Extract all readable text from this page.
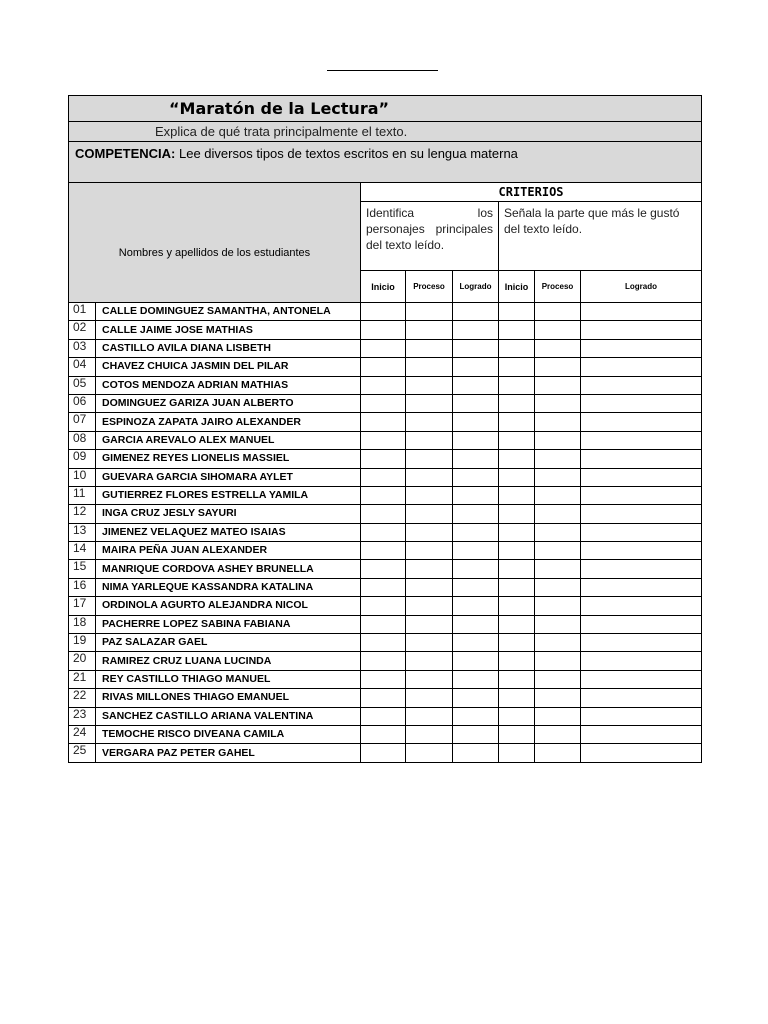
“Maratón de la Lectura”							
Explica de qué trata principalmente el texto.							
COMPETENCIA: Lee diversos tipos de textos escritos en su lengua materna							
Nombres y apellidos de los estudiantes		CRITERIOS					
		Identifica los personajes principales del texto leído.			Señala la parte que más le gustó del texto leído.		
		Inicio	Proceso	Logrado	Inicio	Proceso	Logrado
01	CALLE DOMINGUEZ SAMANTHA, ANTONELA						
02	CALLE JAIME JOSE MATHIAS						
03	CASTILLO AVILA DIANA LISBETH						
04	CHAVEZ CHUICA JASMIN DEL PILAR						
05	COTOS MENDOZA ADRIAN MATHIAS						
06	DOMINGUEZ GARIZA JUAN ALBERTO						
07	ESPINOZA ZAPATA JAIRO ALEXANDER						
08	GARCIA AREVALO ALEX MANUEL						
09	GIMENEZ REYES LIONELIS MASSIEL						
10	GUEVARA GARCIA SIHOMARA AYLET						
11	GUTIERREZ FLORES ESTRELLA YAMILA						
12	INGA CRUZ JESLY SAYURI						
13	JIMENEZ VELAQUEZ MATEO ISAIAS						
14	MAIRA PEÑA JUAN ALEXANDER						
15	MANRIQUE CORDOVA ASHEY BRUNELLA						
16	NIMA YARLEQUE KASSANDRA KATALINA						
17	ORDINOLA AGURTO ALEJANDRA NICOL						
18	PACHERRE LOPEZ SABINA FABIANA						
19	PAZ SALAZAR GAEL						
20	RAMIREZ CRUZ LUANA LUCINDA						
21	REY CASTILLO THIAGO MANUEL						
22	RIVAS MILLONES THIAGO EMANUEL						
23	SANCHEZ CASTILLO ARIANA VALENTINA						
24	TEMOCHE RISCO DIVEANA CAMILA						
25	VERGARA PAZ PETER GAHEL						
